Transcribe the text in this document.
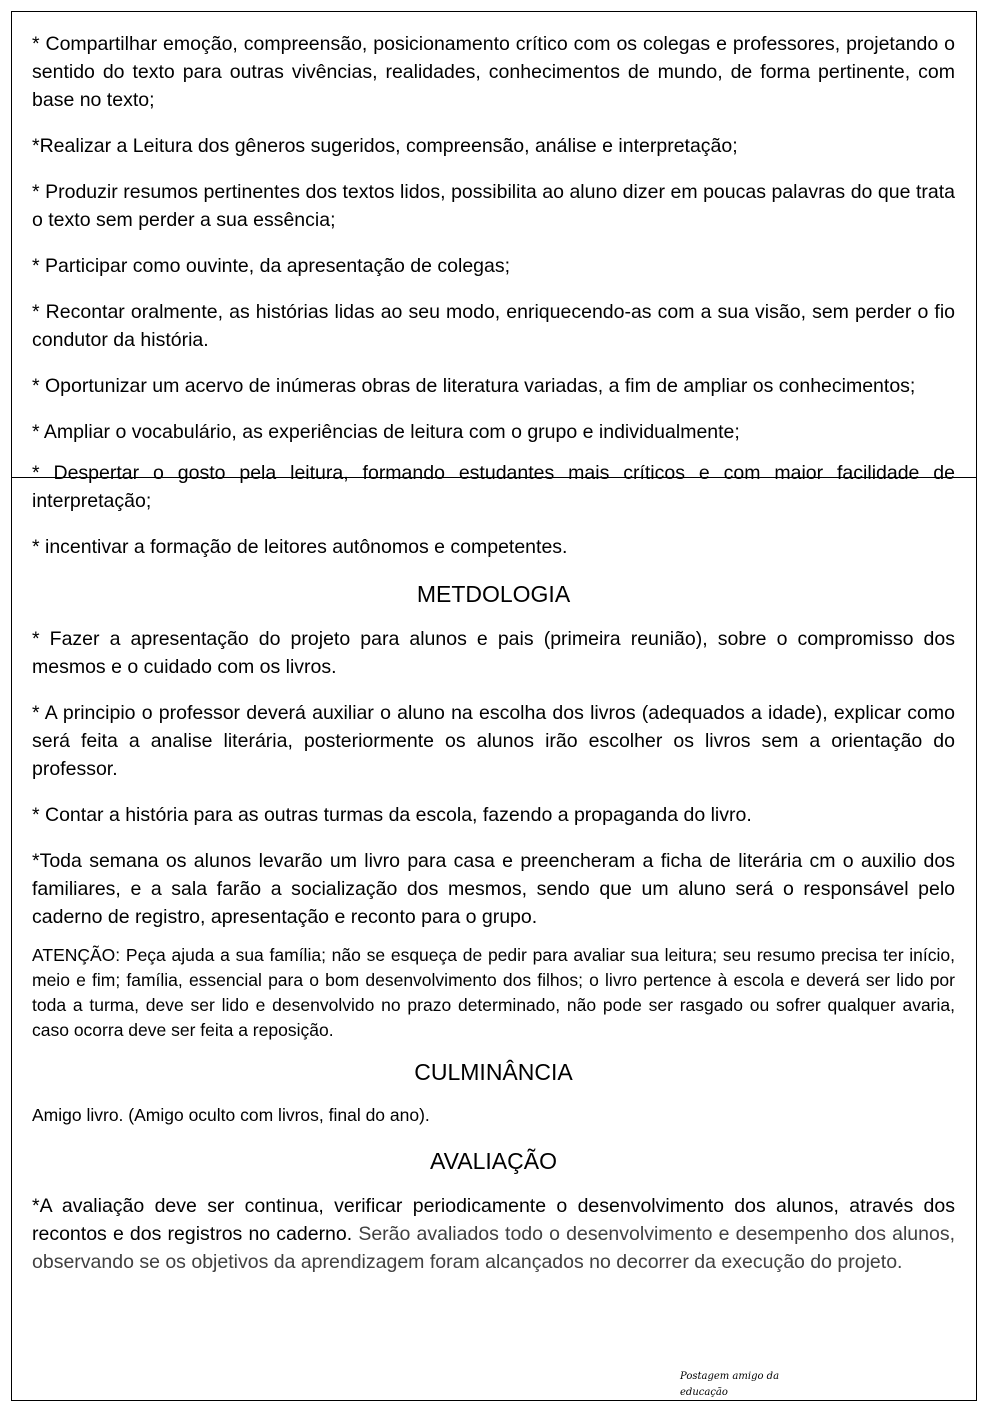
* Compartilhar emoção, compreensão, posicionamento crítico com os colegas e professores, projetando o sentido do texto para outras vivências, realidades, conhecimentos de mundo, de forma pertinente, com base no texto;

*Realizar a Leitura dos gêneros sugeridos, compreensão, análise e interpretação;

* Produzir resumos pertinentes dos textos lidos, possibilita ao aluno dizer em poucas palavras do que trata o texto sem perder a sua essência;

* Participar como ouvinte, da apresentação de colegas;

* Recontar oralmente, as histórias lidas ao seu modo, enriquecendo-as com a sua visão, sem perder o fio condutor da história.

* Oportunizar um acervo de inúmeras obras de literatura variadas, a fim de ampliar os conhecimentos;

* Ampliar o vocabulário, as experiências de leitura com o grupo e individualmente;

* Despertar o gosto pela leitura, formando estudantes mais críticos e com maior facilidade de interpretação;

* incentivar a formação de leitores autônomos e competentes.

METDOLOGIA

* Fazer a apresentação do projeto para alunos e pais (primeira reunião), sobre o compromisso dos mesmos e o cuidado com os livros.

* A principio o professor deverá auxiliar o aluno na escolha dos livros (adequados a idade), explicar como será feita a analise literária, posteriormente os alunos irão escolher os livros sem a orientação do professor.

* Contar a história para as outras turmas da escola, fazendo a propaganda do livro.

*Toda semana os alunos levarão um livro para casa e preencheram a ficha de literária cm o auxilio dos familiares, e a sala farão a socialização dos mesmos, sendo que um aluno será o responsável pelo caderno de registro, apresentação e reconto para o grupo.

ATENÇÃO: Peça ajuda a sua família; não se esqueça de pedir para avaliar sua leitura; seu resumo precisa ter início, meio e fim; família, essencial para o bom desenvolvimento dos filhos; o livro pertence à escola e deverá ser lido por toda a turma, deve ser lido e desenvolvido no prazo determinado, não pode ser rasgado ou sofrer qualquer avaria, caso ocorra deve ser feita a reposição.

CULMINÂNCIA

Amigo livro. (Amigo oculto com livros, final do ano).

AVALIAÇÃO

*A avaliação deve ser continua, verificar periodicamente o desenvolvimento dos alunos, através dos recontos e dos registros no caderno. Serão avaliados todo o desenvolvimento e desempenho dos alunos, observando se os objetivos da aprendizagem foram alcançados no decorrer da execução do projeto.

Postagem amigo da educação
